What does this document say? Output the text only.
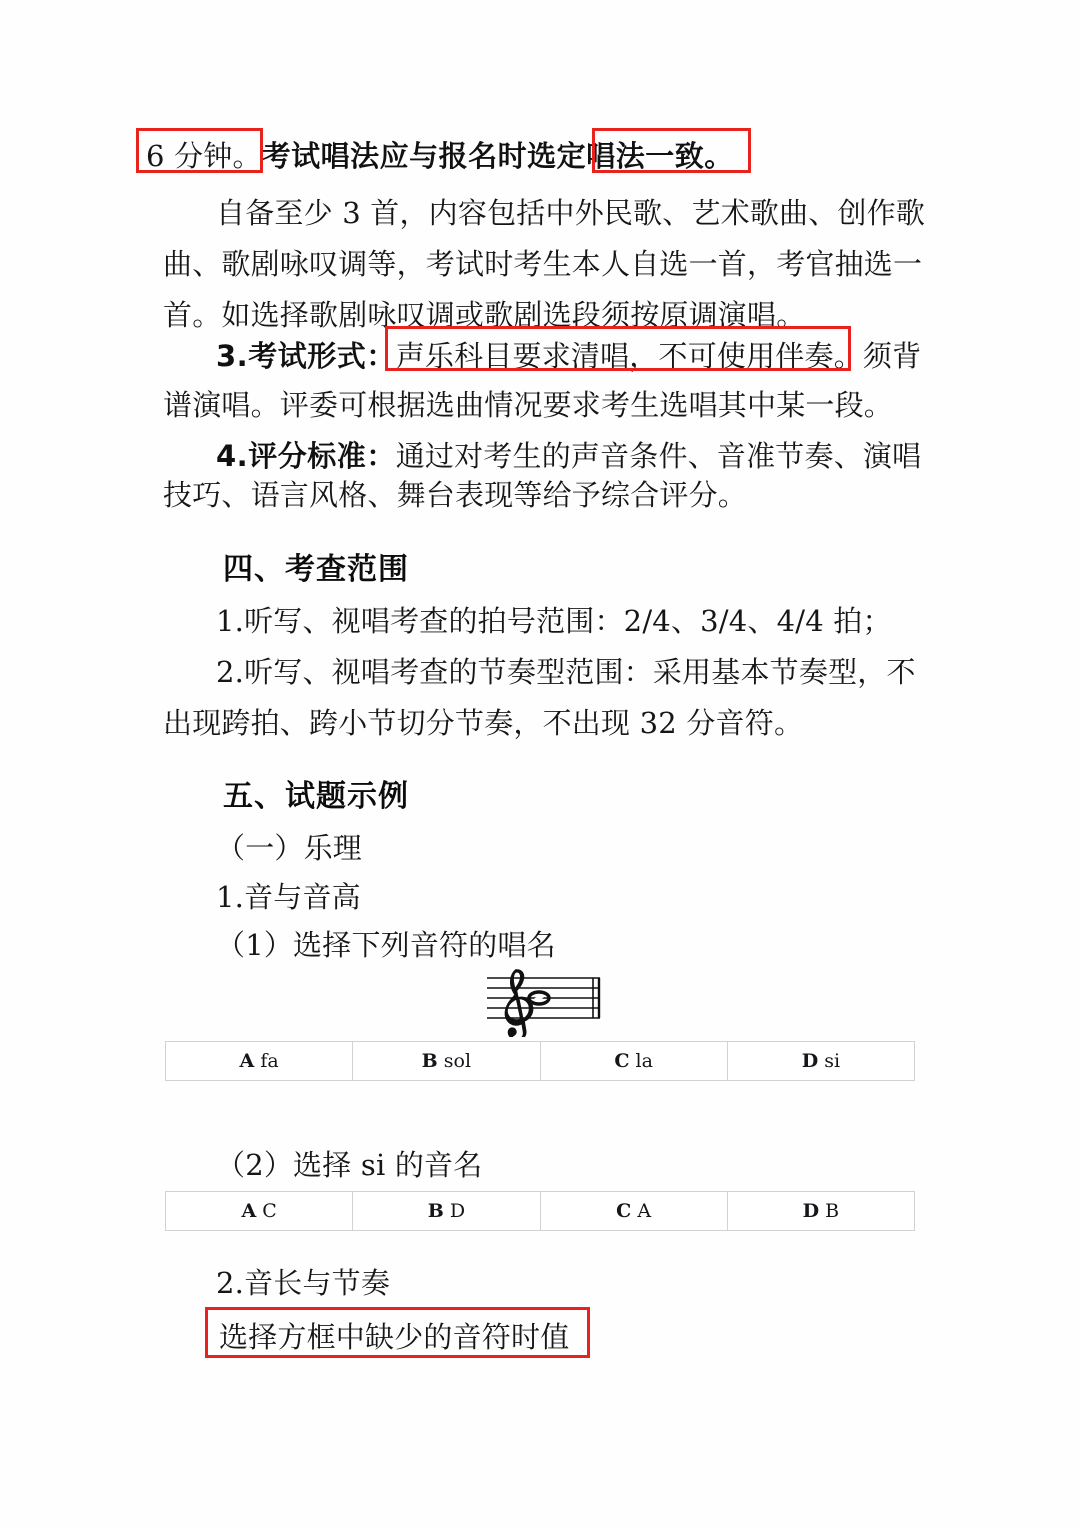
6 分钟。考试唱法应与报名时选定唱法一致。
自备至少 3 首，内容包括中外民歌、艺术歌曲、创作歌
曲、歌剧咏叹调等，考试时考生本人自选一首，考官抽选一
首。如选择歌剧咏叹调或歌剧选段须按原调演唱。
3.考试形式：声乐科目要求清唱，不可使用伴奏。须背
谱演唱。评委可根据选曲情况要求考生选唱其中某一段。
4.评分标准：通过对考生的声音条件、音准节奏、演唱
技巧、语言风格、舞台表现等给予综合评分。
四、考查范围
1.听写、视唱考查的拍号范围：2/4、3/4、4/4 拍；
2.听写、视唱考查的节奏型范围：采用基本节奏型，不
出现跨拍、跨小节切分节奏，不出现 32 分音符。
五、试题示例
（一）乐理
1.音与音高
（1）选择下列音符的唱名
A fa	B sol	C la	D si
（2）选择 si 的音名
A C	B D	C A	D B
2.音长与节奏
选择方框中缺少的音符时值
